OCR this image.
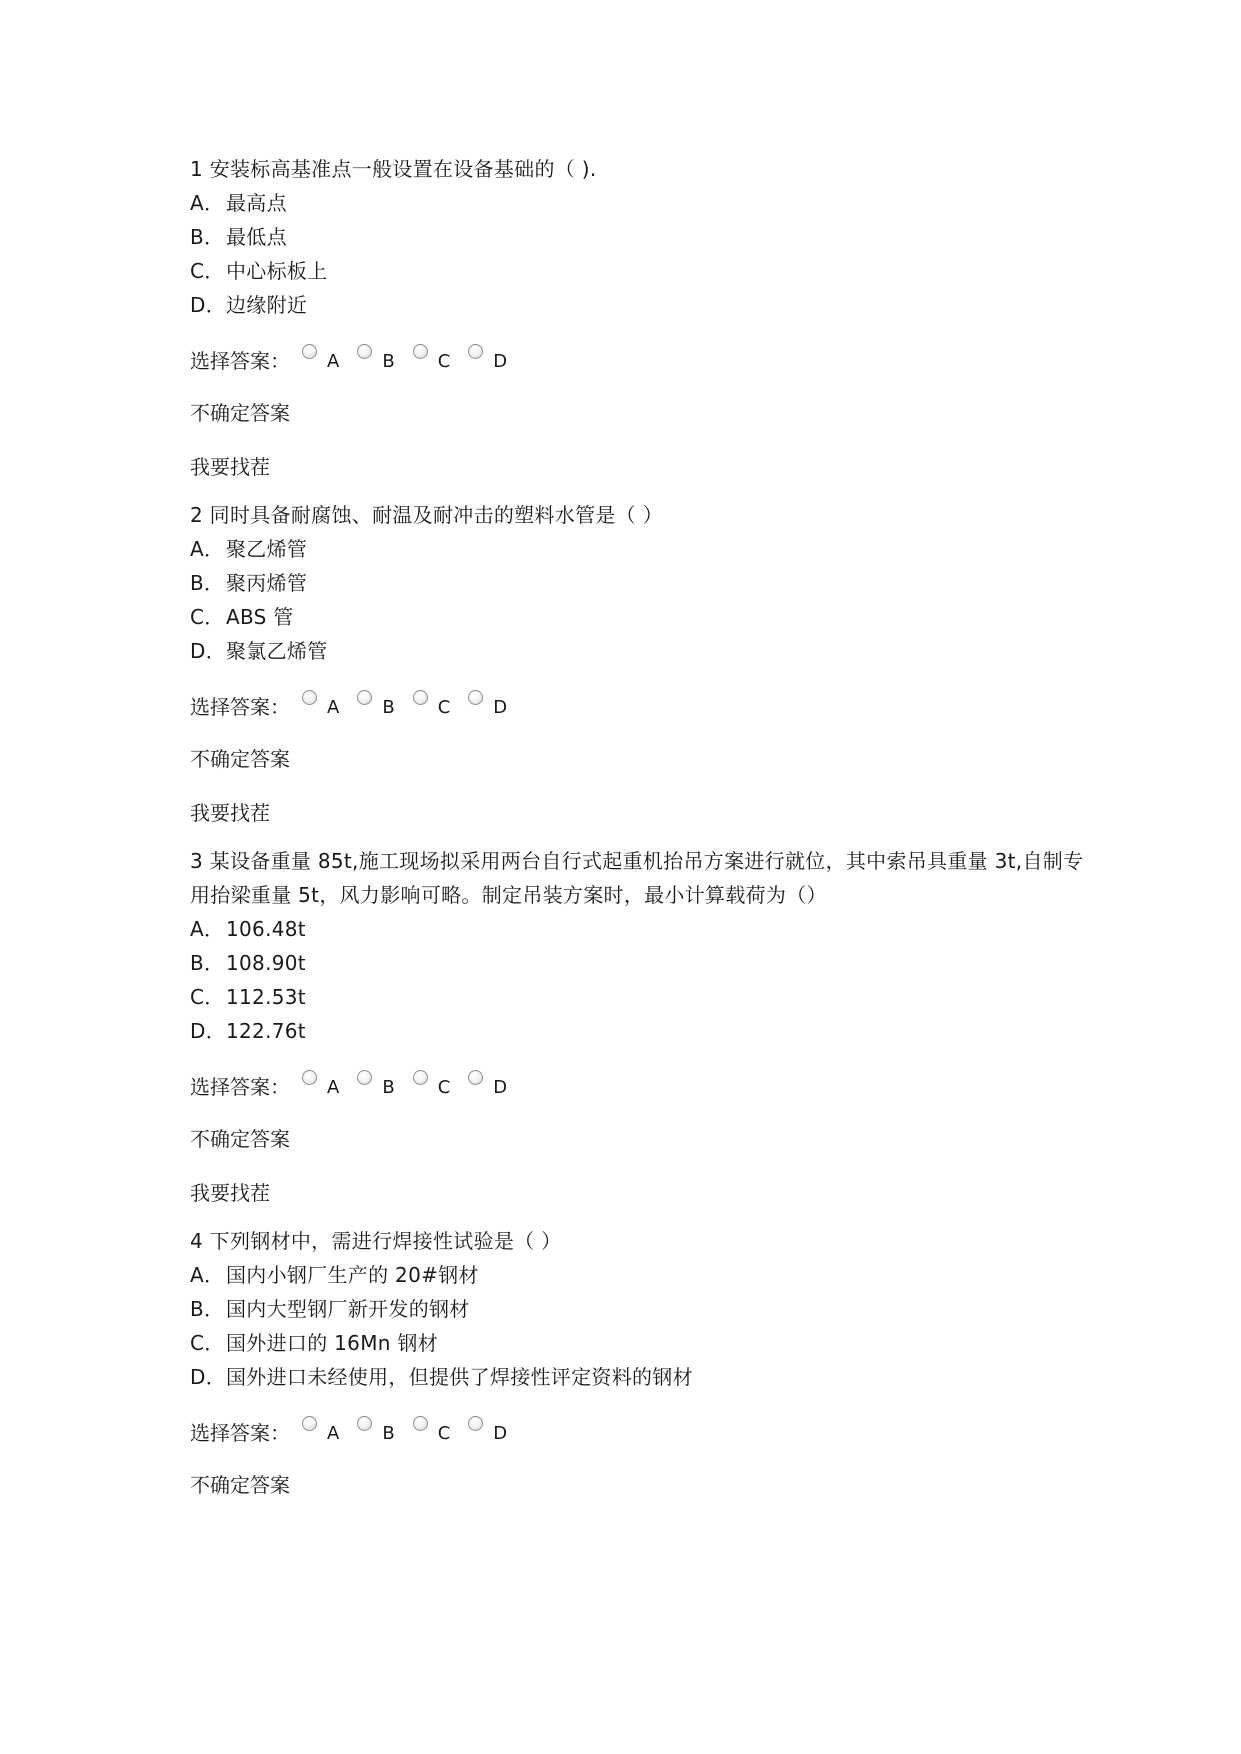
1 安装标高基准点一般设置在设备基础的（ ).

A． 最高点
B． 最低点
C． 中心标板上
D． 边缘附近
选择答案： A B C D
不确定答案
我要找茬

2 同时具备耐腐蚀、耐温及耐冲击的塑料水管是（ ）

A． 聚乙烯管
B． 聚丙烯管
C． ABS 管
D． 聚氯乙烯管
选择答案： A B C D
不确定答案
我要找茬

3 某设备重量 85t,施工现场拟采用两台自行式起重机抬吊方案进行就位，其中索吊具重量 3t,自制专用抬梁重量 5t，风力影响可略。制定吊装方案时，最小计算载荷为（）

A． 106.48t
B． 108.90t
C． 112.53t
D． 122.76t
选择答案： A B C D
不确定答案
我要找茬

4 下列钢材中，需进行焊接性试验是（ ）

A． 国内小钢厂生产的 20#钢材
B． 国内大型钢厂新开发的钢材
C． 国外进口的 16Mn 钢材
D． 国外进口未经使用，但提供了焊接性评定资料的钢材
选择答案： A B C D
不确定答案
